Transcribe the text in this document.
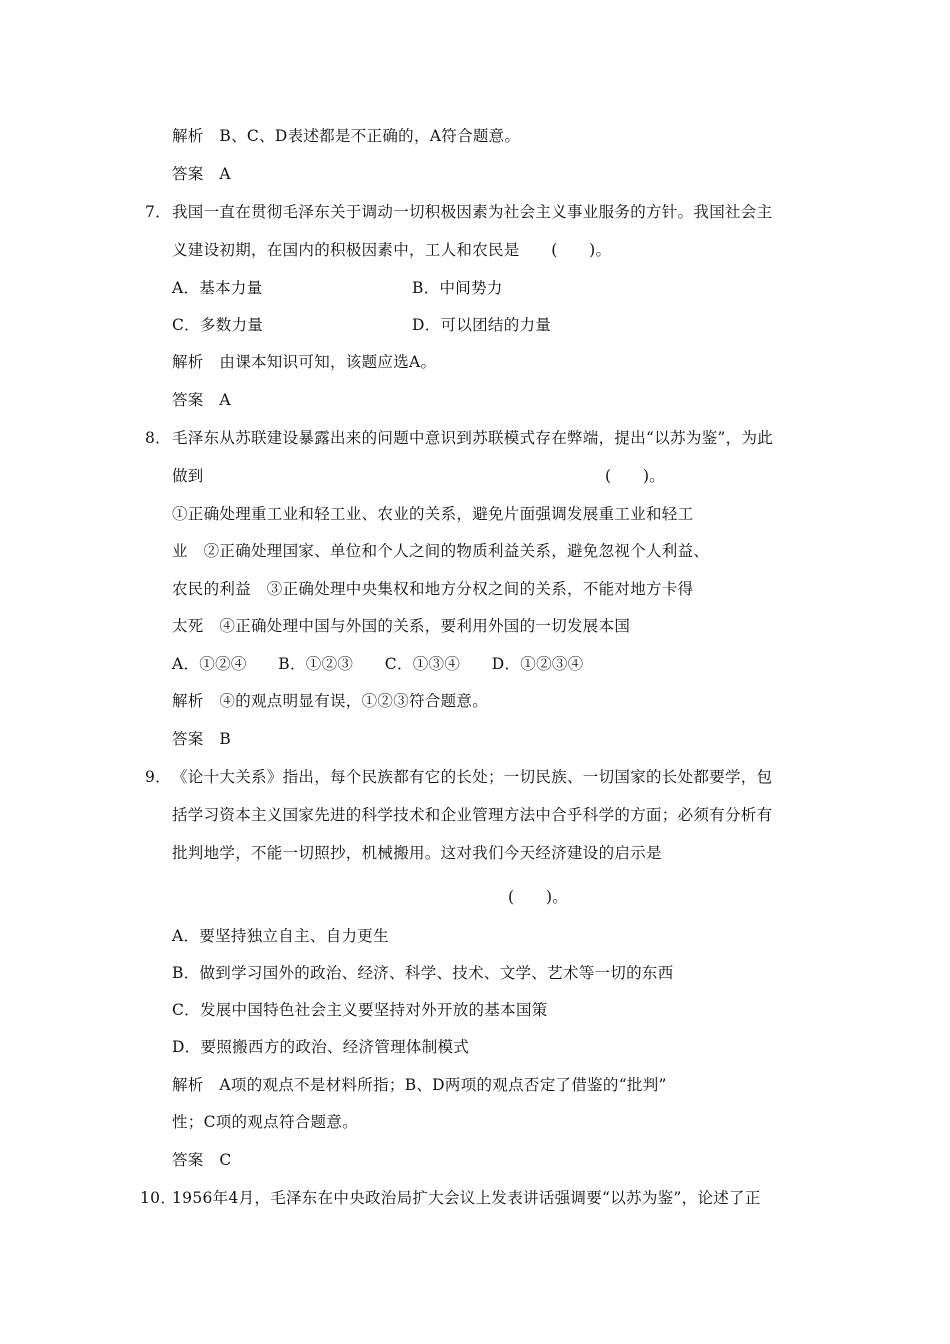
解析　B、C、D表述都是不正确的，A符合题意。
答案　A
7． 我国一直在贯彻毛泽东关于调动一切积极因素为社会主义事业服务的方针。我国社会主
义建设初期，在国内的积极因素中，工人和农民是　　(　　)。
A．基本力量	B．中间势力
C．多数力量	D．可以团结的力量
解析　由课本知识可知，该题应选A。
答案　A
8． 毛泽东从苏联建设暴露出来的问题中意识到苏联模式存在弊端，提出“以苏为鉴”，为此
做到	(　　)。
①正确处理重工业和轻工业、农业的关系，避免片面强调发展重工业和轻工
业　②正确处理国家、单位和个人之间的物质利益关系，避免忽视个人利益、
农民的利益　③正确处理中央集权和地方分权之间的关系，不能对地方卡得
太死　④正确处理中国与外国的关系，要利用外国的一切发展本国
A．①②④　　B．①②③　　C．①③④　　D．①②③④
解析　④的观点明显有误，①②③符合题意。
答案　B
9． 《论十大关系》指出，每个民族都有它的长处；一切民族、一切国家的长处都要学，包
括学习资本主义国家先进的科学技术和企业管理方法中合乎科学的方面；必须有分析有
批判地学，不能一切照抄，机械搬用。这对我们今天经济建设的启示是
(　　)。
A．要坚持独立自主、自力更生
B．做到学习国外的政治、经济、科学、技术、文学、艺术等一切的东西
C．发展中国特色社会主义要坚持对外开放的基本国策
D．要照搬西方的政治、经济管理体制模式
解析　A项的观点不是材料所指；B、D两项的观点否定了借鉴的“批判”
性；C项的观点符合题意。
答案　C
10．
1956年4月，毛泽东在中央政治局扩大会议上发表讲话强调要“以苏为鉴”，论述了正
